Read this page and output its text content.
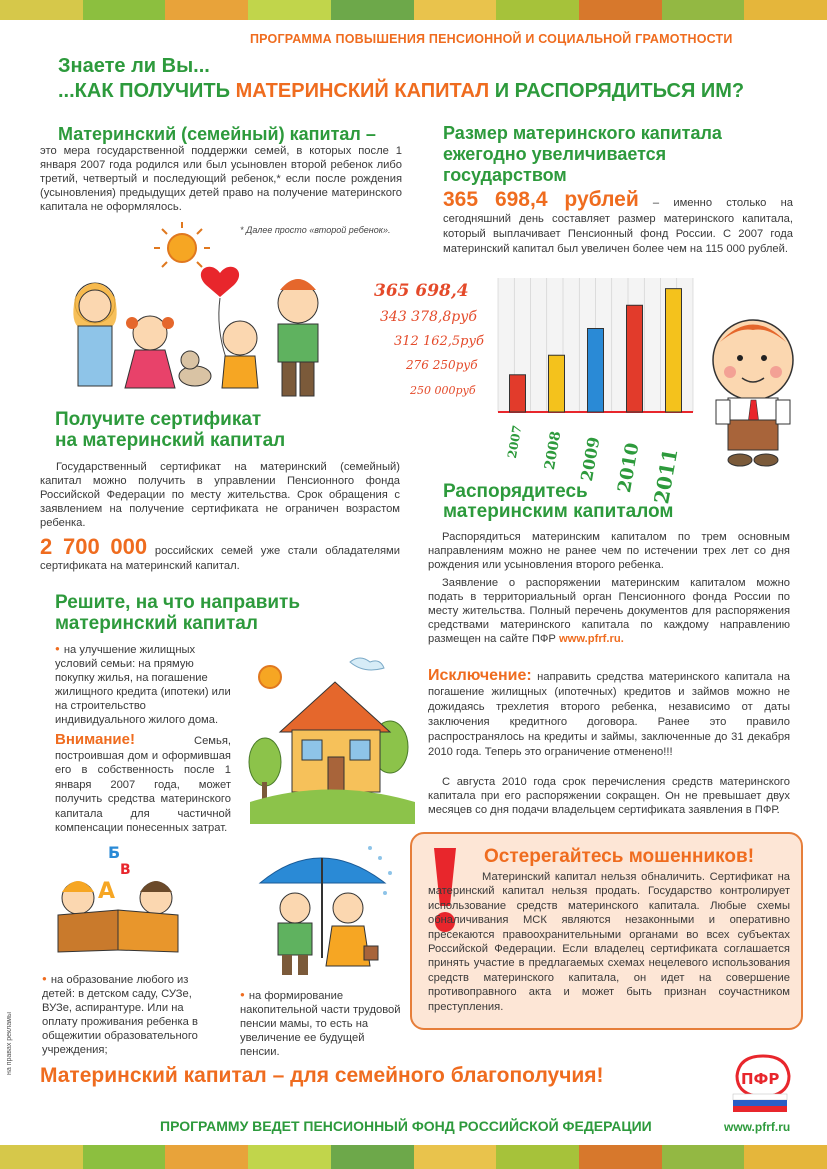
ПРОГРАММА ПОВЫШЕНИЯ ПЕНСИОННОЙ И СОЦИАЛЬНОЙ ГРАМОТНОСТИ
Знаете ли Вы...
...КАК ПОЛУЧИТЬ МАТЕРИНСКИЙ КАПИТАЛ И РАСПОРЯДИТЬСЯ ИМ?
Материнский (семейный) капитал –
это мера государственной поддержки семей, в которых после 1 января 2007 года родился или был усыновлен второй ребенок либо третий, четвертый и последующий ребенок,* если после рождения (усыновления) предыдущих детей право на получение материнского капитала не оформлялось.
* Далее просто «второй ребенок».
Размер материнского капитала
ежегодно увеличивается
государством
365 698,4 рублей – именно столько на сегодняшний день составляет размер материнского капитала, который выплачивает Пенсионный фонд России. С 2007 года материнский капитал был увеличен более чем на 115 000 рублей.
2007 2008 2009 2010 2011
250 000руб
276 250руб
312 162,5руб
343 378,8руб
365 698,4
Получите сертификат
на материнский капитал
Государственный сертификат на материнский (семейный) капитал можно получить в управлении Пенсионного фонда Российской Федерации по месту жительства. Срок обращения с заявлением на получение сертификата не ограничен возрастом ребенка.
2 700 000 российских семей уже стали обладателями сертификата на материнский капитал.
Распорядитесь
материнским капиталом
Распорядиться материнским капиталом по трем основным направлениям можно не ранее чем по истечении трех лет со дня рождения или усыновления второго ребенка.
Заявление о распоряжении материнским капиталом можно подать в территориальный орган Пенсионного фонда России по месту жительства. Полный перечень документов для распоряжения средствами материнского капитала по каждому направлению размещен на сайте ПФР www.pfrf.ru.
Исключение: направить средства материнского капитала на погашение жилищных (ипотечных) кредитов и займов можно не дожидаясь трехлетия второго ребенка, независимо от даты заключения кредитного договора. Ранее это правило распространялось на кредиты и займы, заключенные до 31 декабря 2010 года. Теперь это ограничение отменено!!!
С августа 2010 года срок перечисления средств материнского капитала при его распоряжении сокращен. Он не превышает двух месяцев со дня подачи владельцем сертификата заявления в ПФР.
Решите, на что направить
материнский капитал
● на улучшение жилищных условий семьи: на прямую покупку жилья, на погашение жилищного кредита (ипотеки) или на строительство индивидуального жилого дома.
Внимание! Семья, построившая дом и оформившая его в собственность после 1 января 2007 года, может получить средства материнского капитала для частичной компенсации понесенных затрат.
Б
В
А
● на образование любого из детей: в детском саду, СУЗе, ВУЗе, аспирантуре. Или на оплату проживания ребенка в общежитии образовательного учреждения;
● на формирование накопительной части трудовой пенсии мамы, то есть на увеличение ее будущей пенсии.
Остерегайтесь мошенников!
Материнский капитал нельзя обналичить. Сертификат на материнский капитал нельзя продать. Государство контролирует использование средств материнского капитала. Любые схемы обналичивания МСК являются незаконными и оперативно пресекаются правоохранительными органами во всех субъектах Российской Федерации. Если владелец сертификата соглашается принять участие в предлагаемых схемах нецелевого использования средств материнского капитала, он идет на совершение противоправного акта и может быть признан соучастником преступления.
на правах рекламы
Материнский капитал – для семейного благополучия!	ПФР
ПРОГРАММУ ВЕДЕТ ПЕНСИОННЫЙ ФОНД РОССИЙСКОЙ ФЕДЕРАЦИИ	www.pfrf.ru
